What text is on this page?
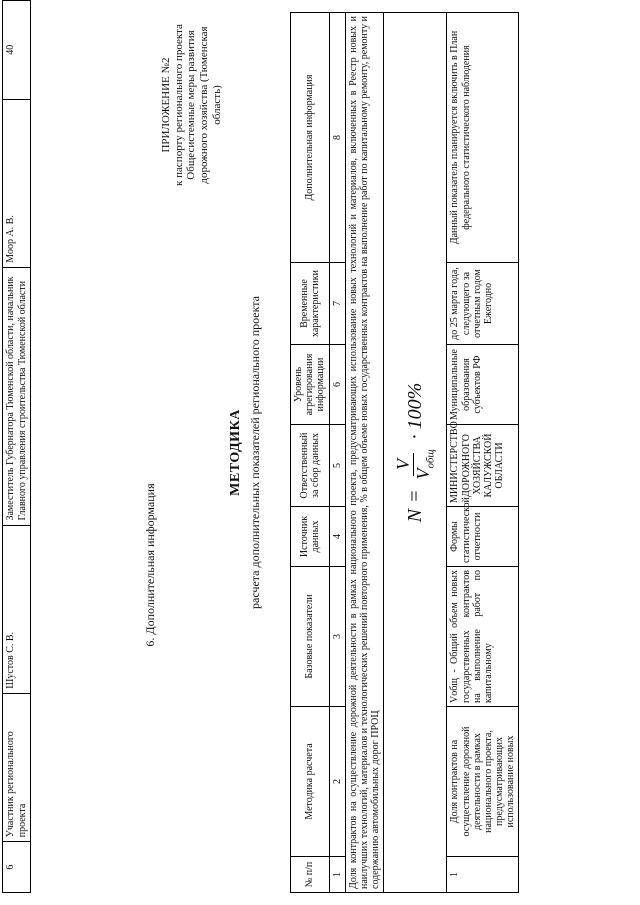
6	Участник регионального проекта	Шустов С. В.	Заместитель Губернатора Тюменской области, начальник Главного управления строительства Тюменской области	Моор А. В.	40
6. Дополнительная информация
ПРИЛОЖЕНИЕ №2 к паспорту регионального проекта Общесистемные меры развития дорожного хозяйства (Тюменская область)
МЕТОДИКА расчета дополнительных показателей регионального проекта
№ п/п	Методика расчета	Базовые показатели	Источник данных	Ответственный за сбор данных	Уровень агрегирования информации	Временные характеристики	Дополнительная информация
1	2	3	4	5	6	7	8
Доля контрактов на осуществление дорожной деятельности в рамках национального проекта, предусматривающих использование новых технологий и материалов, включенных в Реестр новых и наилучших технологий, материалов и технологических решений повторного применения, % в общем объеме новых государственных контрактов на выполнение работ по капитальному ремонту, ремонту и содержанию автомобильных дорог ПРОЦ							

N
=
V
$V_{общ}$
· 100%							

1	Доля контрактов на осуществление дорожной деятельности в рамках национального проекта, предусматривающих использование новых	Vобщ - Общий объем новых государственных контрактов на выполнение работ по капитальному	Формы статистической отчетности	МИНИСТЕРСТВО ДОРОЖНОГО ХОЗЯЙСТВА КАЛУЖСКОЙ ОБЛАСТИ	Муниципальные образования субъектов РФ	до 25 марта года, следующего за отчетным годом Ежегодно	Данный показатель планируется включить в План федерального статистического наблюдения
